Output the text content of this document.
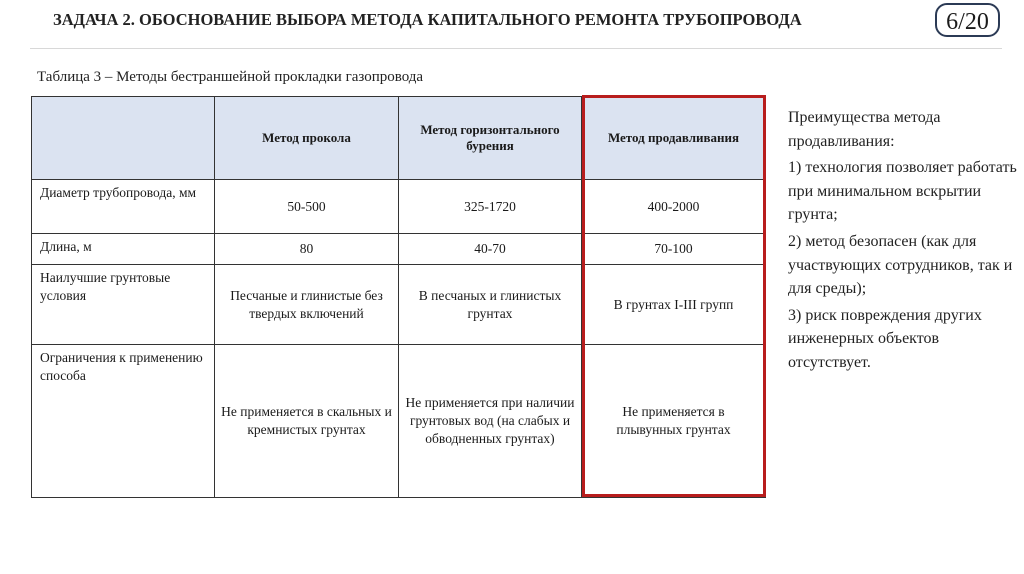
ЗАДАЧА 2. ОБОСНОВАНИЕ ВЫБОРА МЕТОДА КАПИТАЛЬНОГО РЕМОНТА ТРУБОПРОВОДА	6/20
Таблица 3 – Методы бестраншейной прокладки газопровода
	Метод прокола	Метод горизонтального бурения	Метод продавливания
Диаметр трубопровода, мм	50-500	325-1720	400-2000
Длина, м	80	40-70	70-100
Наилучшие грунтовые условия	Песчаные и глинистые без твердых включений	В песчаных и глинистых грунтах	В грунтах I-III групп
Ограничения к применению способа	Не применяется в скальных и кремнистых грунтах	Не применяется при наличии грунтовых вод (на слабых и обводненных грунтах)	Не применяется в плывунных грунтах

Преимущества метода продавливания:

1) технология позволяет работать при минимальном вскрытии грунта;

2) метод безопасен (как для участвующих сотрудников, так и для среды);

3) риск повреждения других инженерных объектов отсутствует.
